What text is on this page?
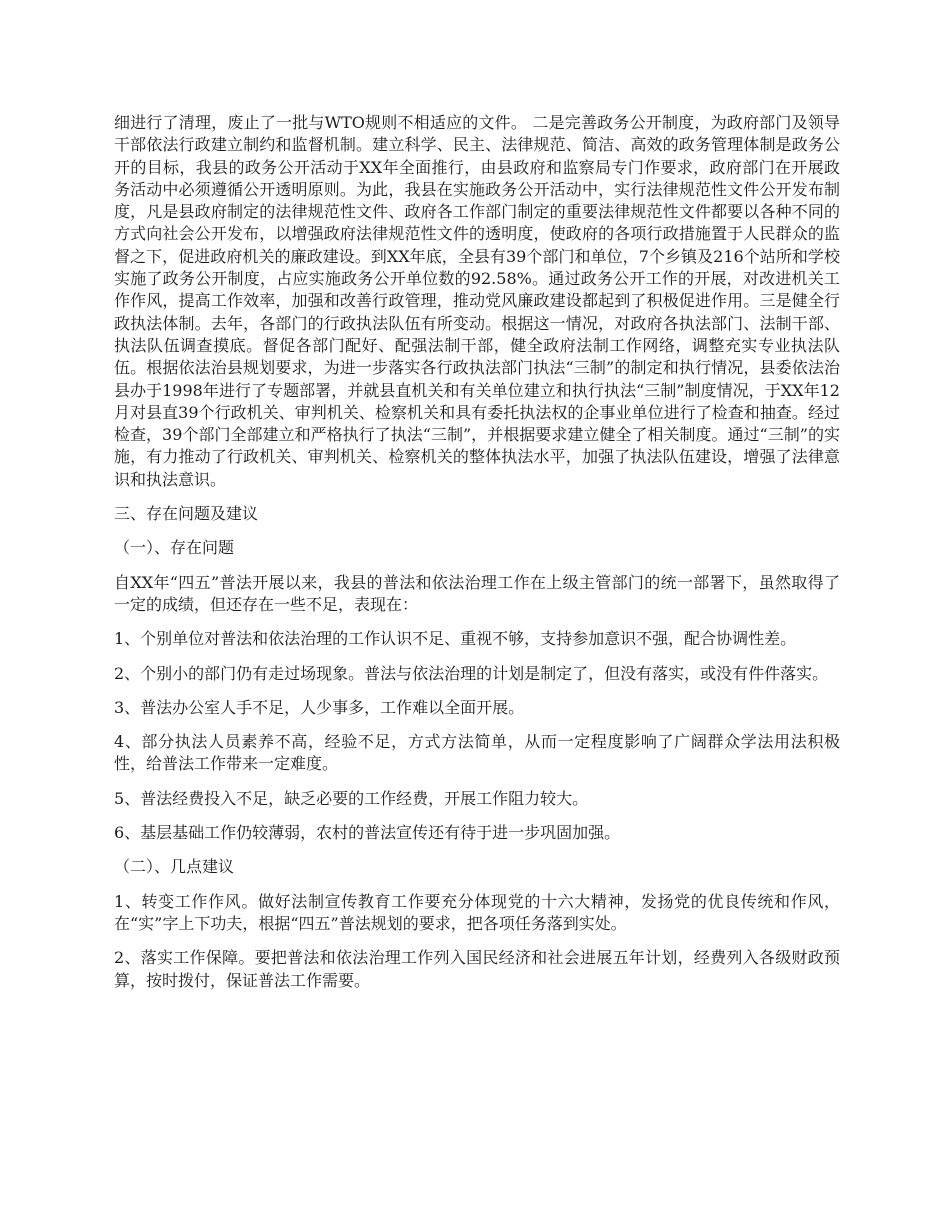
细进行了清理，废止了一批与WTO规则不相适应的文件。 二是完善政务公开制度，为政府部门及领导干部依法行政建立制约和监督机制。建立科学、民主、法律规范、简洁、高效的政务管理体制是政务公开的目标，我县的政务公开活动于XX年全面推行，由县政府和监察局专门作要求，政府部门在开展政务活动中必须遵循公开透明原则。为此，我县在实施政务公开活动中，实行法律规范性文件公开发布制度，凡是县政府制定的法律规范性文件、政府各工作部门制定的重要法律规范性文件都要以各种不同的方式向社会公开发布，以增强政府法律规范性文件的透明度，使政府的各项行政措施置于人民群众的监督之下，促进政府机关的廉政建设。到XX年底，全县有39个部门和单位，7个乡镇及216个站所和学校实施了政务公开制度，占应实施政务公开单位数的92.58%。通过政务公开工作的开展，对改进机关工作作风，提高工作效率，加强和改善行政管理，推动党风廉政建设都起到了积极促进作用。三是健全行政执法体制。去年，各部门的行政执法队伍有所变动。根据这一情况，对政府各执法部门、法制干部、执法队伍调查摸底。督促各部门配好、配强法制干部，健全政府法制工作网络，调整充实专业执法队伍。根据依法治县规划要求，为进一步落实各行政执法部门执法“三制”的制定和执行情况，县委依法治县办于1998年进行了专题部署，并就县直机关和有关单位建立和执行执法“三制”制度情况，于XX年12月对县直39个行政机关、审判机关、检察机关和具有委托执法权的企事业单位进行了检查和抽查。经过检查，39个部门全部建立和严格执行了执法“三制”，并根据要求建立健全了相关制度。通过“三制”的实施，有力推动了行政机关、审判机关、检察机关的整体执法水平，加强了执法队伍建设，增强了法律意识和执法意识。

三、存在问题及建议

（一）、存在问题

自XX年“四五”普法开展以来，我县的普法和依法治理工作在上级主管部门的统一部署下，虽然取得了一定的成绩，但还存在一些不足，表现在：

1、个别单位对普法和依法治理的工作认识不足、重视不够，支持参加意识不强，配合协调性差。

2、个别小的部门仍有走过场现象。普法与依法治理的计划是制定了，但没有落实，或没有件件落实。

3、普法办公室人手不足，人少事多，工作难以全面开展。

4、部分执法人员素养不高，经验不足，方式方法简单，从而一定程度影响了广阔群众学法用法积极性，给普法工作带来一定难度。

5、普法经费投入不足，缺乏必要的工作经费，开展工作阻力较大。

6、基层基础工作仍较薄弱，农村的普法宣传还有待于进一步巩固加强。

（二）、几点建议

1、转变工作作风。做好法制宣传教育工作要充分体现党的十六大精神，发扬党的优良传统和作风，在“实”字上下功夫，根据“四五”普法规划的要求，把各项任务落到实处。

2、落实工作保障。要把普法和依法治理工作列入国民经济和社会进展五年计划，经费列入各级财政预算，按时拨付，保证普法工作需要。
